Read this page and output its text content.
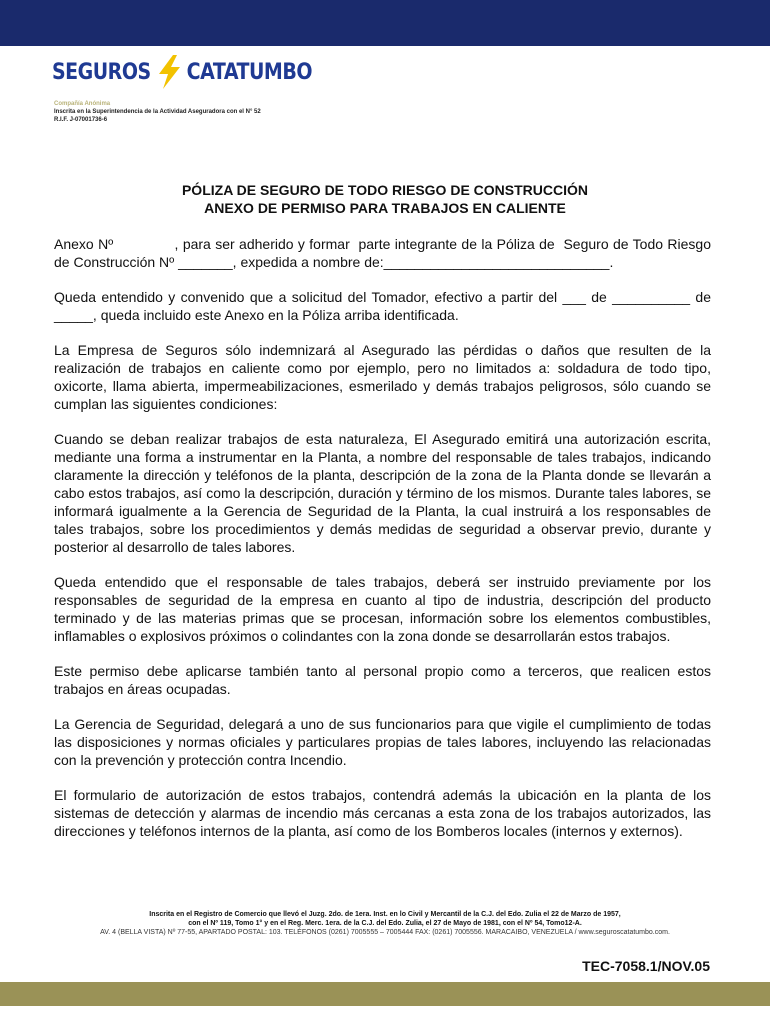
SEGUROS CATATUMBO
Compañía Anónima
Inscrita en la Superintendencia de la Actividad Aseguradora con el N° 52
R.I.F. J-07001736-6
PÓLIZA DE SEGURO DE TODO RIESGO DE CONSTRUCCIÓN
ANEXO DE PERMISO PARA TRABAJOS EN CALIENTE

Anexo Nº              , para ser adherido y formar  parte integrante de la Póliza de  Seguro de Todo Riesgo de Construcción Nº _______, expedida a nombre de:_____________________________.

Queda entendido y convenido que a solicitud del Tomador, efectivo a partir del ___ de __________ de _____, queda incluido este Anexo en la Póliza arriba identificada.

La Empresa de Seguros sólo indemnizará al Asegurado las pérdidas o daños que resulten de la realización de trabajos en caliente como por ejemplo, pero no limitados a: soldadura de todo tipo, oxicorte, llama abierta, impermeabilizaciones, esmerilado y demás trabajos peligrosos, sólo cuando se cumplan las siguientes condiciones:

Cuando se deban realizar trabajos de esta naturaleza, El Asegurado emitirá una autorización escrita, mediante una forma a instrumentar en la Planta, a nombre del responsable de tales trabajos, indicando claramente la dirección y teléfonos de la planta, descripción de la zona de la Planta donde se llevarán a cabo estos trabajos, así como la descripción, duración y término de los mismos. Durante tales labores, se informará igualmente a la Gerencia de Seguridad de la Planta, la cual instruirá a los responsables de tales trabajos, sobre los procedimientos y demás medidas de seguridad a observar previo, durante y posterior al desarrollo de tales labores.

Queda entendido que el responsable de tales trabajos, deberá ser instruido previamente por los responsables de seguridad de la empresa en cuanto al tipo de industria, descripción del producto terminado y de las materias primas que se procesan, información sobre los elementos combustibles, inflamables o explosivos próximos o colindantes con la zona donde se desarrollarán estos trabajos.

Este permiso debe aplicarse también tanto al personal propio como a terceros, que realicen estos trabajos en áreas ocupadas.

La Gerencia de Seguridad, delegará a uno de sus funcionarios para que vigile el cumplimiento de todas las disposiciones y normas oficiales y particulares propias de tales labores, incluyendo las relacionadas con la prevención y protección contra Incendio.

El formulario de autorización de estos trabajos, contendrá además la ubicación en la planta de los sistemas de detección y alarmas de incendio más cercanas a esta zona de los trabajos autorizados, las direcciones y teléfonos internos de la planta, así como de los Bomberos locales (internos y externos).

Inscrita en el Registro de Comercio que llevó el Juzg. 2do. de 1era. Inst. en lo Civil y Mercantil de la C.J. del Edo. Zulia el 22 de Marzo de 1957,
con el Nº 119, Tomo 1° y en el Reg. Merc. 1era. de la C.J. del Edo. Zulia, el 27 de Mayo de 1981, con el Nº 54, Tomo12-A.
AV. 4 (BELLA VISTA) Nº 77-55, APARTADO POSTAL: 103. TELÉFONOS (0261) 7005555 – 7005444 FAX: (0261) 7005556. MARACAIBO, VENEZUELA / www.seguroscatatumbo.com.
TEC-7058.1/NOV.05
